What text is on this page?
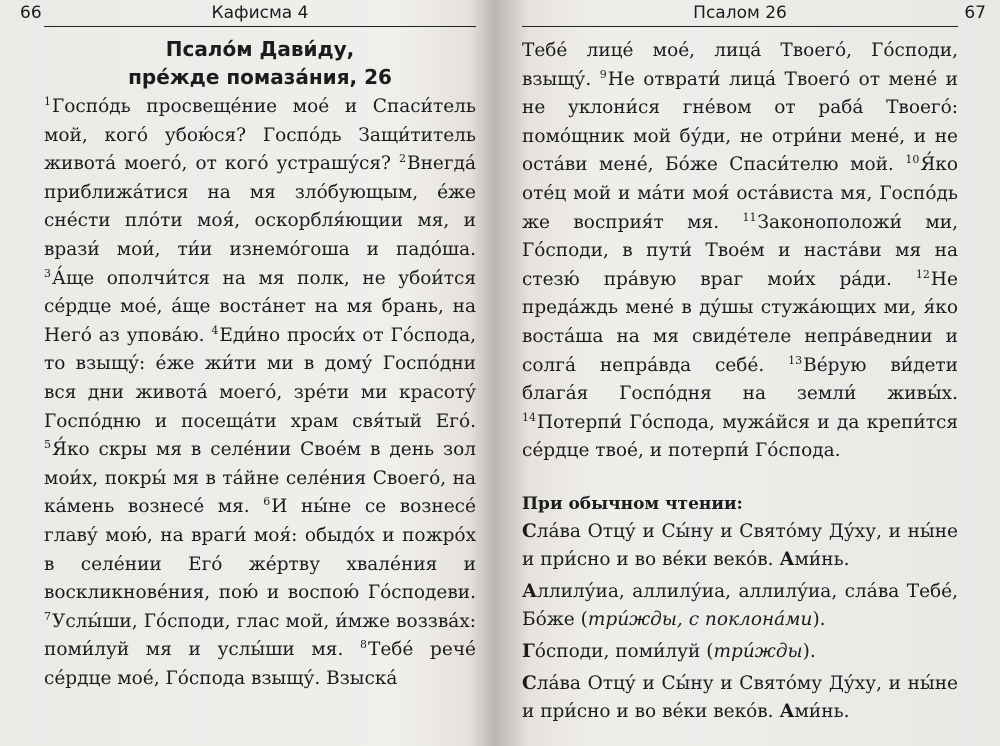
66	Кафисма 4
Псало́м Дави́ду,
пре́жде помаза́ния, 26

$^1$Госпо́дь просвеще́ние мое́ и Спаси́тель мой, кого́ убою́ся? Госпо́дь Защи́титель живота́ моего́, от кого́ устрашу́ся? $^2$Внегда́ приближа́тися на мя зло́бующым, е́же сне́сти пло́ти моя́, оскорбля́ющии мя, и врази́ мои́, ти́и изнемо́гоша и падо́ша. $^3$А́ще ополчи́тся на мя полк, не убои́тся се́рдце мое́, а́ще воста́нет на мя брань, на Него́ аз упова́ю. $^4$Еди́но проси́х от Го́спода, то взыщу́: е́же жи́ти ми в дому́ Госпо́дни вся дни живота́ моего́, зре́ти ми красоту́ Госпо́дню и посеща́ти храм свя́тый Его́. $^5$Я́ко скры мя в селе́нии Свое́м в день зол мои́х, покры́ мя в та́йне селе́ния Своего́, на ка́мень вознесе́ мя. $^6$И ны́не се вознесе́ главу́ мою́, на враги́ моя́: обыдо́х и пожро́х в селе́нии Его́ же́ртву хвале́ния и воскликнове́ния, пою́ и воспою́ Го́сподеви. $^7$Услы́ши, Го́споди, глас мой, и́мже воззва́х: поми́луй мя и услы́ши мя. $^8$Тебе́ рече́ се́рдце мое́, Го́спода взыщу́. Взыска́

Псалом 26	67

Тебе́ лице́ мое́, лица́ Твоего́, Го́споди, взыщу́. $^9$Не отврати́ лица́ Твоего́ от мене́ и не уклони́ся гне́вом от раба́ Твоего́: помо́щник мой бу́ди, не отри́ни мене́, и не оста́ви мене́, Бо́же Спаси́телю мой. $^{10}$Я́ко оте́ц мой и ма́ти моя́ оста́виста мя, Госпо́дь же восприя́т мя. $^{11}$Законоположи́ ми, Го́споди, в пути́ Твое́м и наста́ви мя на стезю́ пра́вую враг мои́х ра́ди. $^{12}$Не преда́ждь мене́ в ду́шы стужа́ющих ми, я́ко воста́ша на мя свиде́теле непра́веднии и солга́ непра́вда себе́. $^{13}$Ве́рую ви́дети блага́я Госпо́дня на земли́ живы́х. $^{14}$Потерпи́ Го́спода, мужа́йся и да крепи́тся се́рдце твое́, и потерпи́ Го́спода.

При обычном чтении:

Сла́ва Отцу́ и Сы́ну и Свято́му Ду́ху, и ны́не и при́сно и во ве́ки веко́в. Ами́нь.

Аллилу́иа, аллилу́иа, аллилу́иа, сла́ва Тебе́, Бо́же (три́жды, с поклона́ми).

Го́споди, поми́луй (три́жды).

Сла́ва Отцу́ и Сы́ну и Свято́му Ду́ху, и ны́не и при́сно и во ве́ки веко́в. Ами́нь.
